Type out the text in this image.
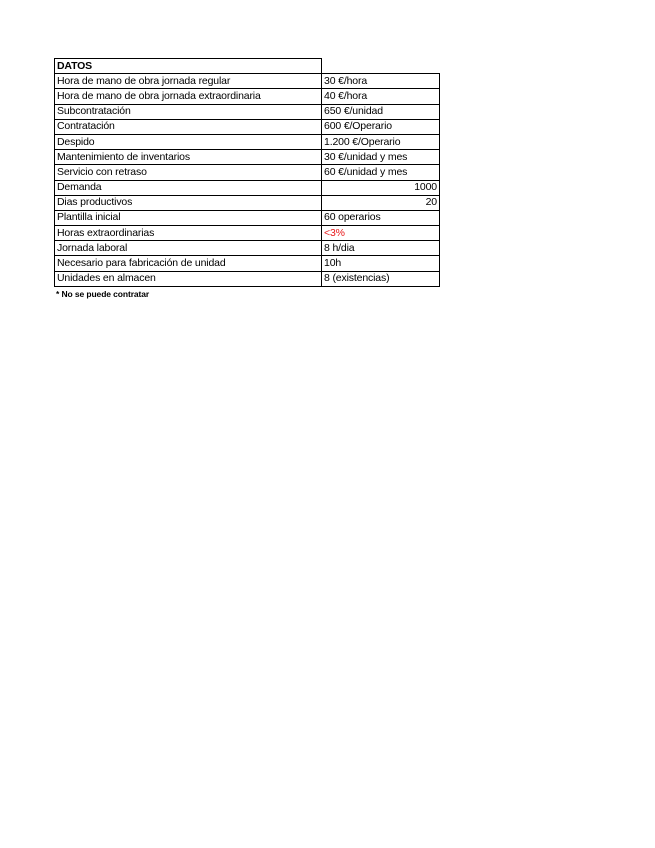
DATOS	
Hora de mano de obra jornada regular	30 €/hora
Hora de mano de obra jornada extraordinaria	40 €/hora
Subcontratación	650 €/unidad
Contratación	600 €/Operario
Despido	1.200 €/Operario
Mantenimiento de inventarios	30 €/unidad y mes
Servicio con retraso	60 €/unidad y mes
Demanda	1000
Dias productivos	20
Plantilla inicial	60 operarios
Horas extraordinarias	<3%
Jornada laboral	8 h/dia
Necesario para fabricación de unidad	10h
Unidades en almacen	8 (existencias)
* No se puede contratar
